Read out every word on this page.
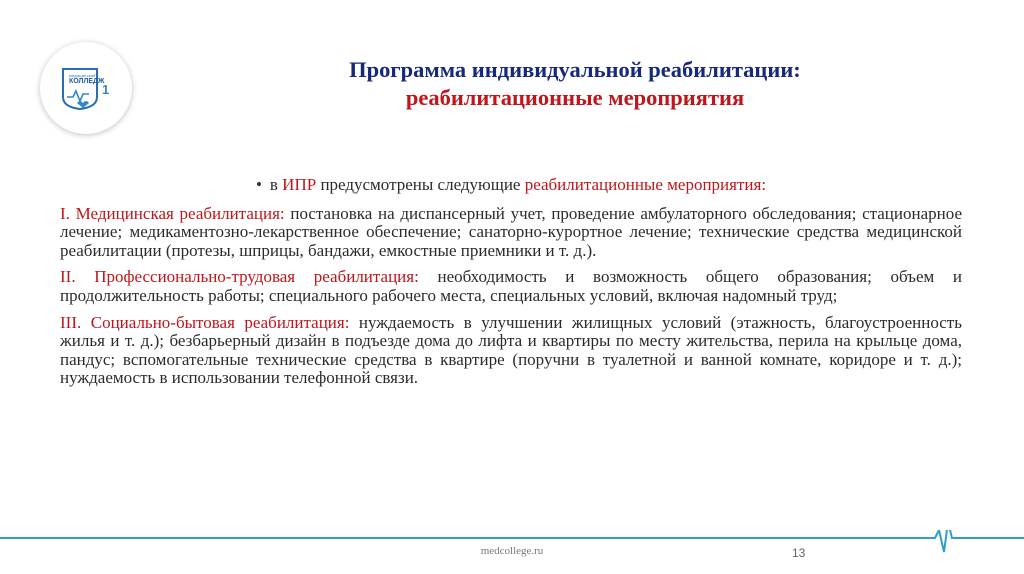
медицинский
КОЛЛЕДЖ
1
Программа индивидуальной реабилитации:
реабилитационные мероприятия
• в ИПР предусмотрены следующие реабилитационные мероприятия:
I. Медицинская реабилитация: постановка на диспансерный учет, проведение амбулаторного обследования; стационарное лечение; медикаментозно-лекарственное обеспечение; санаторно-курортное лечение; технические средства медицинской реабилитации (протезы, шприцы, бандажи, емкостные приемники и т. д.).
II. Профессионально-трудовая реабилитация: необходимость и возможность общего образования; объем и продолжительность работы; специального рабочего места, специальных условий, включая надомный труд;
III. Социально-бытовая реабилитация: нуждаемость в улучшении жилищных условий (этажность, благоустроенность жилья и т. д.); безбарьерный дизайн в подъезде дома до лифта и квартиры по месту жительства, перила на крыльце дома, пандус; вспомогательные технические средства в квартире (поручни в туалетной и ванной комнате, коридоре и т. д.); нуждаемость в использовании телефонной связи.
medcollege.ru	13
